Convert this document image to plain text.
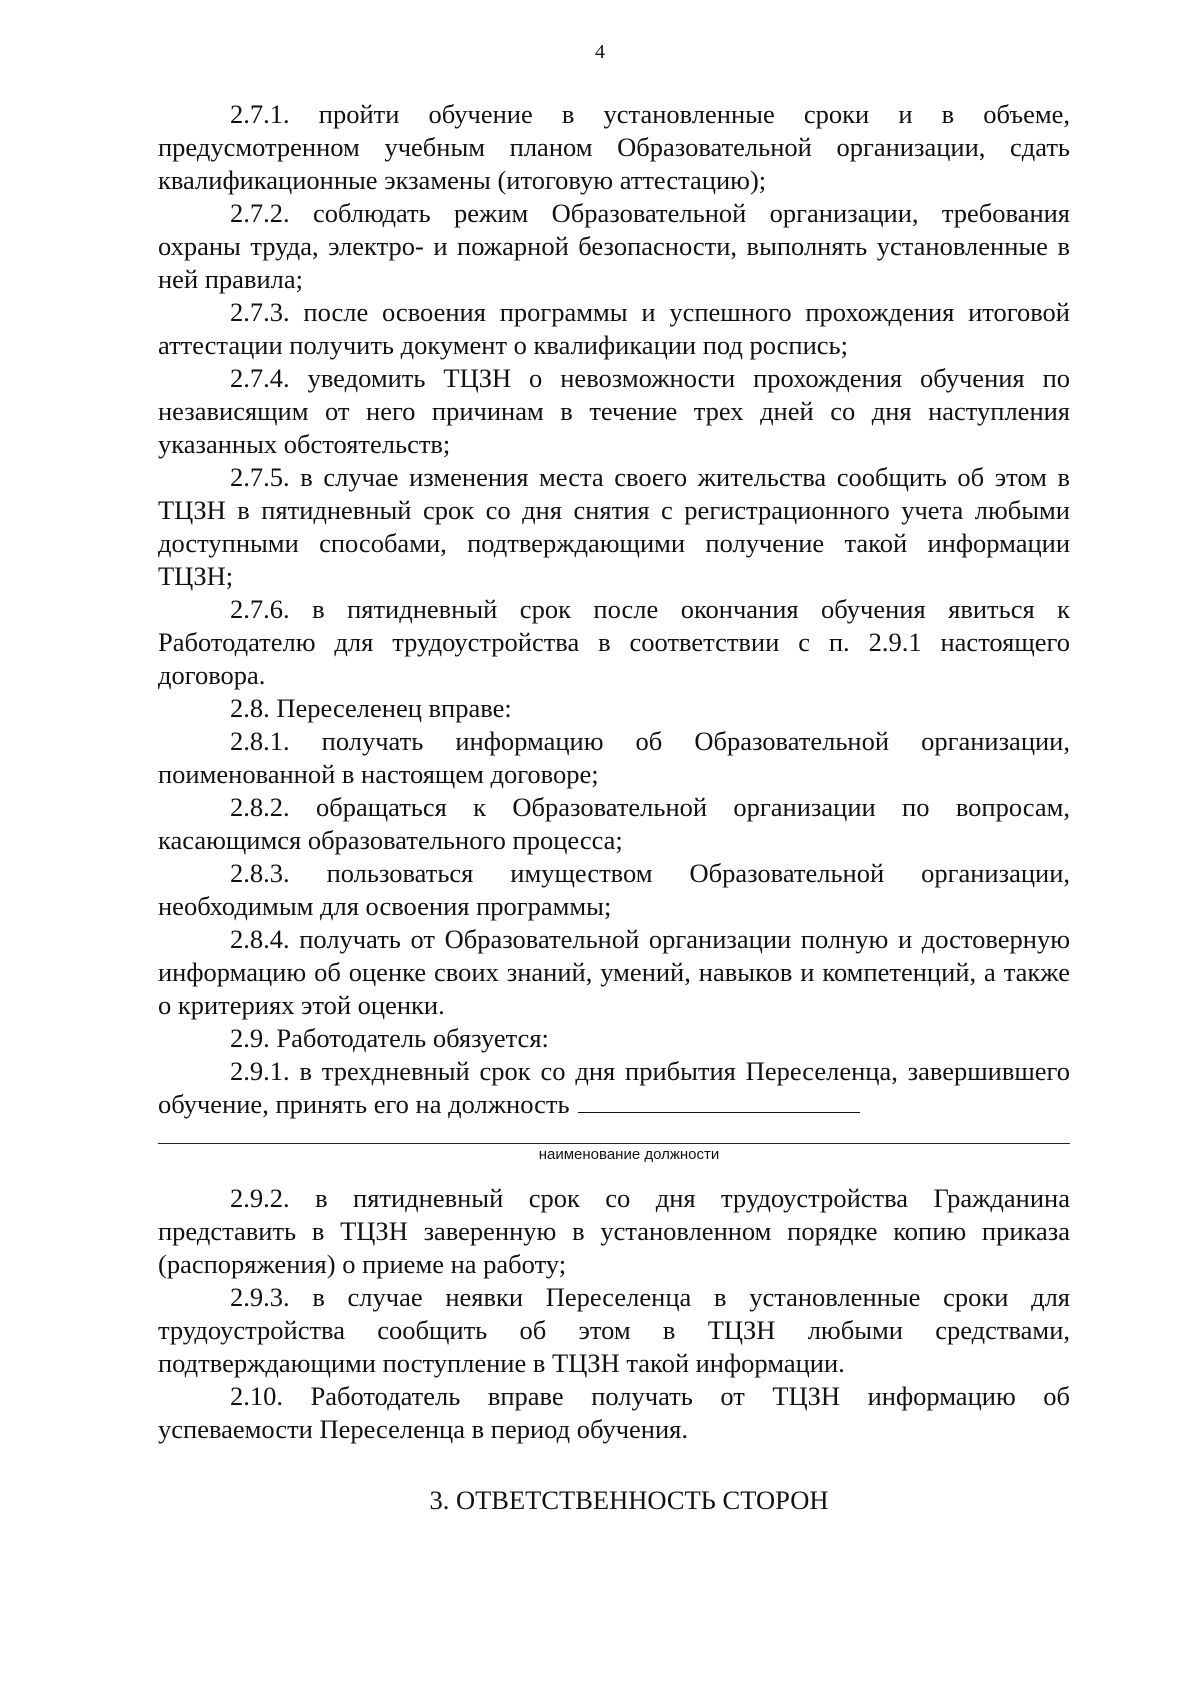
4

2.7.1. пройти обучение в установленные сроки и в объеме, предусмотренном учебным планом Образовательной организации, сдать квалификационные экзамены (итоговую аттестацию);

2.7.2. соблюдать режим Образовательной организации, требования охраны труда, электро- и пожарной безопасности, выполнять установленные в ней правила;

2.7.3. после освоения программы и успешного прохождения итоговой аттестации получить документ о квалификации под роспись;

2.7.4. уведомить ТЦЗН о невозможности прохождения обучения по независящим от него причинам в течение трех дней со дня наступления указанных обстоятельств;

2.7.5. в случае изменения места своего жительства сообщить об этом в ТЦЗН в пятидневный срок со дня снятия с регистрационного учета любыми доступными способами, подтверждающими получение такой информации ТЦЗН;

2.7.6. в пятидневный срок после окончания обучения явиться к Работодателю для трудоустройства в соответствии с п. 2.9.1 настоящего договора.

2.8. Переселенец вправе:

2.8.1. получать информацию об Образовательной организации, поименованной в настоящем договоре;

2.8.2. обращаться к Образовательной организации по вопросам, касающимся образовательного процесса;

2.8.3. пользоваться имуществом Образовательной организации, необходимым для освоения программы;

2.8.4. получать от Образовательной организации полную и достоверную информацию об оценке своих знаний, умений, навыков и компетенций, а также о критериях этой оценки.

2.9. Работодатель обязуется:

2.9.1. в трехдневный срок со дня прибытия Переселенца, завершившего обучение, принять его на должность

наименование должности

2.9.2. в пятидневный срок со дня трудоустройства Гражданина представить в ТЦЗН заверенную в установленном порядке копию приказа (распоряжения) о приеме на работу;

2.9.3. в случае неявки Переселенца в установленные сроки для трудоустройства сообщить об этом в ТЦЗН любыми средствами, подтверждающими поступление в ТЦЗН такой информации.

2.10. Работодатель вправе получать от ТЦЗН информацию об успеваемости Переселенца в период обучения.

3. ОТВЕТСТВЕННОСТЬ СТОРОН
